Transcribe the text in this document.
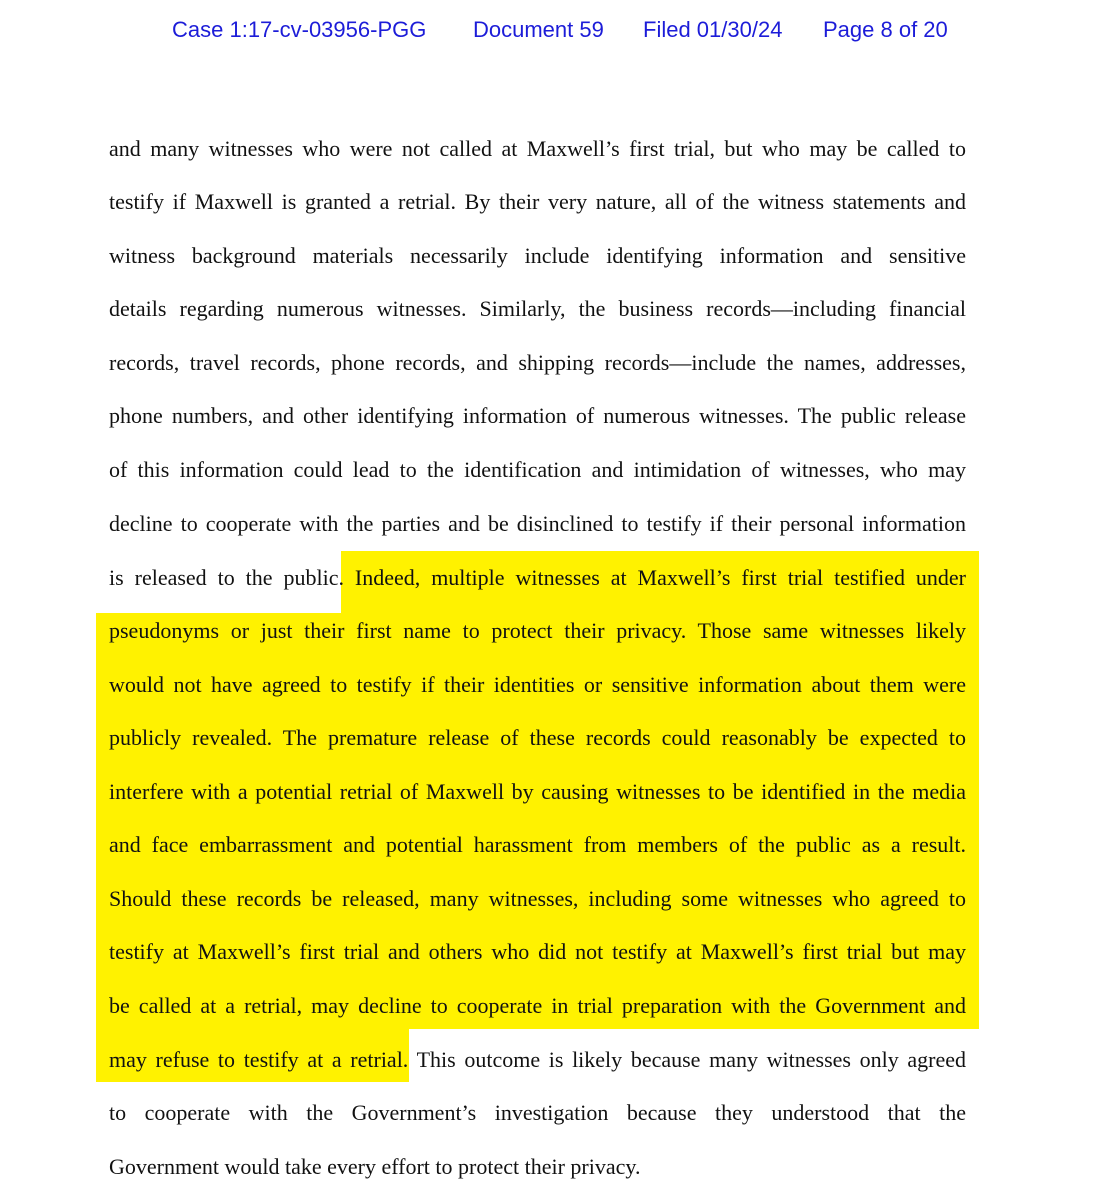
Case 1:17-cv-03956-PGG Document 59 Filed 01/30/24 Page 8 of 20
and many witnesses who were not called at Maxwell’s first trial, but who may be called to
testify if Maxwell is granted a retrial. By their very nature, all of the witness statements and
witness background materials necessarily include identifying information and sensitive
details regarding numerous witnesses. Similarly, the business records—including financial
records, travel records, phone records, and shipping records—include the names, addresses,
phone numbers, and other identifying information of numerous witnesses. The public release
of this information could lead to the identification and intimidation of witnesses, who may
decline to cooperate with the parties and be disinclined to testify if their personal information
is released to the public. Indeed, multiple witnesses at Maxwell’s first trial testified under
pseudonyms or just their first name to protect their privacy. Those same witnesses likely
would not have agreed to testify if their identities or sensitive information about them were
publicly revealed. The premature release of these records could reasonably be expected to
interfere with a potential retrial of Maxwell by causing witnesses to be identified in the media
and face embarrassment and potential harassment from members of the public as a result.
Should these records be released, many witnesses, including some witnesses who agreed to
testify at Maxwell’s first trial and others who did not testify at Maxwell’s first trial but may
be called at a retrial, may decline to cooperate in trial preparation with the Government and
may refuse to testify at a retrial. This outcome is likely because many witnesses only agreed
to cooperate with the Government’s investigation because they understood that the
Government would take every effort to protect their privacy.
